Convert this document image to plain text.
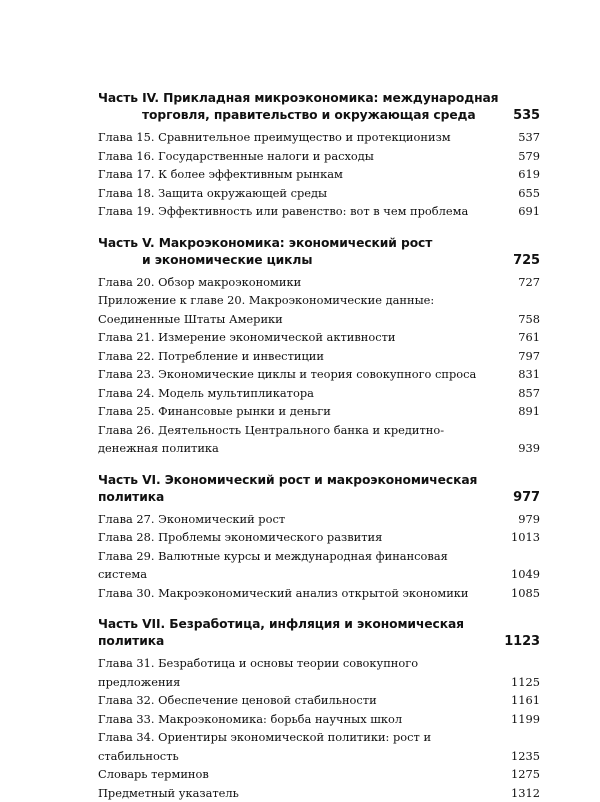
Часть IV. Прикладная микроэкономика: международная
торговля, правительство и окружающая среда	535
Глава 15. Сравнительное преимущество и протекционизм	537
Глава 16. Государственные налоги и расходы	579
Глава 17. К более эффективным рынкам	619
Глава 18. Защита окружающей среды	655
Глава 19. Эффективность или равенство: вот в чем проблема	691
Часть V. Макроэкономика: экономический рост
и экономические циклы	725
Глава 20. Обзор макроэкономики	727
Приложение к главе 20. Макроэкономические данные:
Соединенные Штаты Америки	758
Глава 21. Измерение экономической активности	761
Глава 22. Потребление и инвестиции	797
Глава 23. Экономические циклы и теория совокупного спроса	831
Глава 24. Модель мультипликатора	857
Глава 25. Финансовые рынки и деньги	891
Глава 26. Деятельность Центрального банка и кредитно-денежная политика	939
Часть VI. Экономический рост и макроэкономическая политика	977
Глава 27. Экономический рост	979
Глава 28. Проблемы экономического развития	1013
Глава 29. Валютные курсы и международная финансовая система	1049
Глава 30. Макроэкономический анализ открытой экономики	1085
Часть VII. Безработица, инфляция и экономическая политика	1123
Глава 31. Безработица и основы теории совокупного предложения	1125
Глава 32. Обеспечение ценовой стабильности	1161
Глава 33. Макроэкономика: борьба научных школ	1199
Глава 34. Ориентиры экономической политики: рост и стабильность	1235
Словарь терминов	1275
Предметный указатель	1312
